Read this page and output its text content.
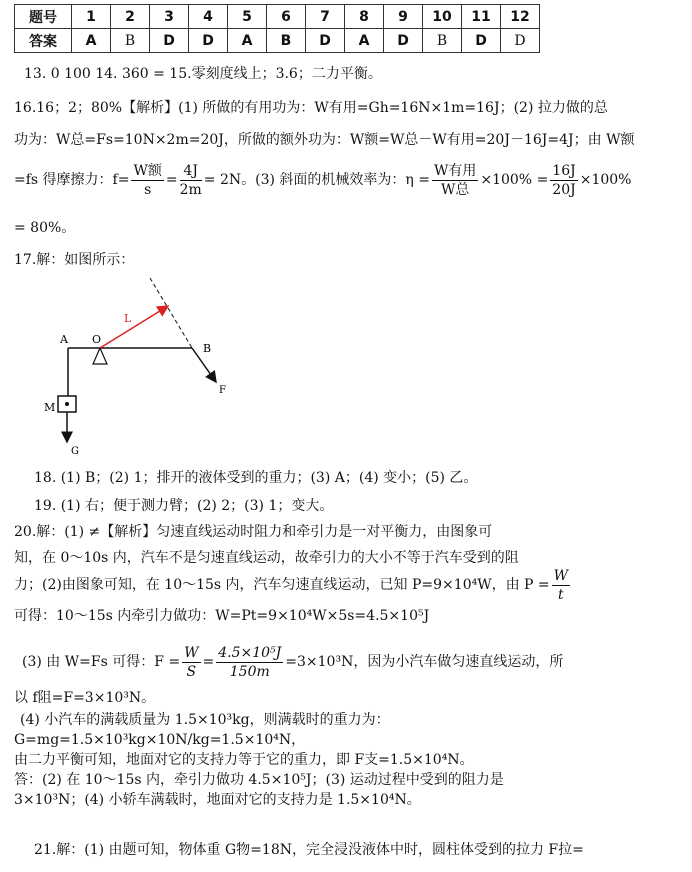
题号	1	2	3	4	5	6	7	8	9	10	11	12
答案	A	B	D	D	A	B	D	A	D	B	D	D
13. 0 100 14. 360 = 15.零刻度线上；3.6；二力平衡。
16.16；2；80%【解析】(1) 所做的有用功为：W有用=Gh=16N×1m=16J；(2) 拉力做的总
功为：W总=Fs=10N×2m=20J，所做的额外功为：W额=W总－W有用=20J－16J=4J；由 W额
=fs 得摩擦力：$f= \frac{\text{W额}}{s} = \frac{4J}{2m} = 2N$。(3) 斜面的机械效率为：$\eta = \frac{\text{W有用}}{\text{W总}} \times 100\% = \frac{16J}{20J} \times 100\%$
= 80%。
17.解：如图所示：
A O
B
L
F
M
G
18. (1) B；(2) 1；排开的液体受到的重力；(3) A；(4) 变小；(5) 乙。
19. (1) 右；便于测力臂；(2) 2；(3) 1；变大。
20.解：(1) ≠【解析】匀速直线运动时阻力和牵引力是一对平衡力，由图象可
知，在 0～10s 内，汽车不是匀速直线运动，故牵引力的大小不等于汽车受到的阻
力；(2)由图象可知，在 10～15s 内，汽车匀速直线运动，已知 P=9×10⁴W，由 $P = \frac{W}{t}$
可得：10～15s 内牵引力做功：W=Pt=9×10⁴W×5s=4.5×10⁵J
(3) 由 W=Fs 可得：$F = \frac{W}{S} = \frac{\text{4.5×10⁵J}}{150m} =3\times 10^3N$，因为小汽车做匀速直线运动，所
以 f阻=F=3×10³N。
(4) 小汽车的满载质量为 1.5×10³kg，则满载时的重力为：
G=mg=1.5×10³kg×10N/kg=1.5×10⁴N，
由二力平衡可知，地面对它的支持力等于它的重力，即 F支=1.5×10⁴N。
答：(2) 在 10～15s 内，牵引力做功 4.5×10⁵J；(3) 运动过程中受到的阻力是
3×10³N；(4) 小轿车满载时，地面对它的支持力是 1.5×10⁴N。
21.解：(1) 由题可知，物体重 G物=18N，完全浸没液体中时，圆柱体受到的拉力 F拉=
